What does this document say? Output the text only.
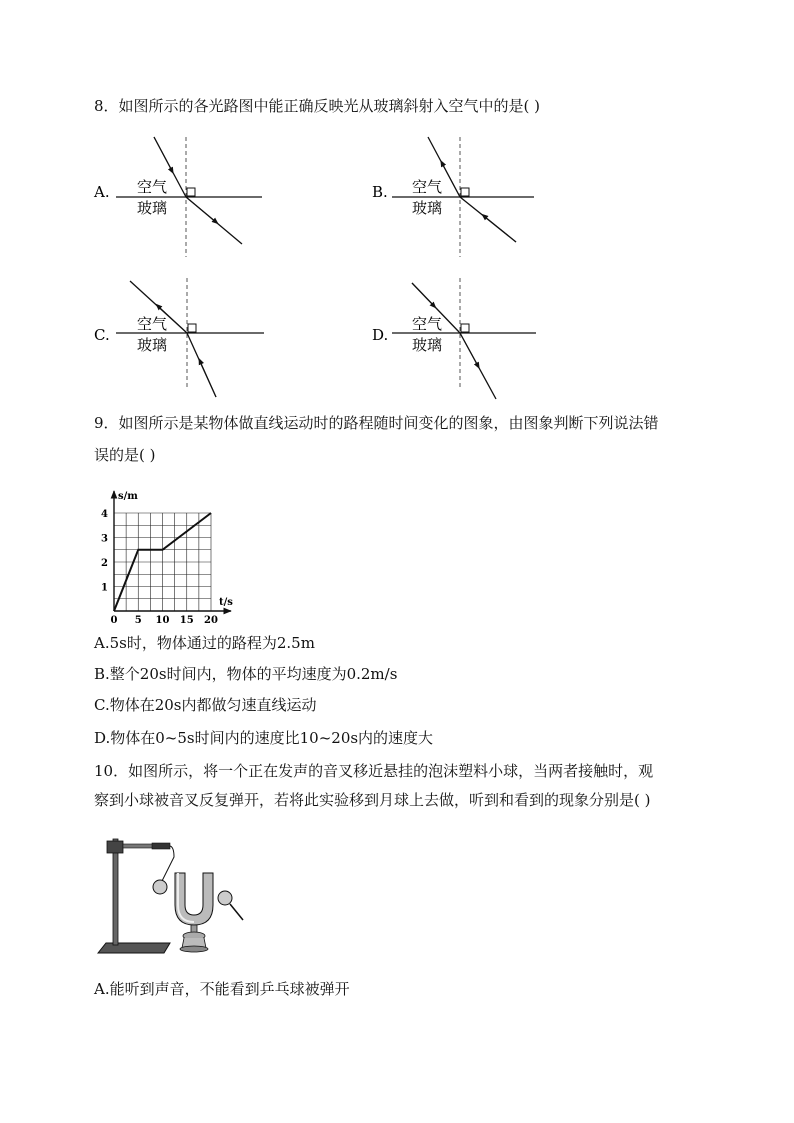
8．如图所示的各光路图中能正确反映光从玻璃斜射入空气中的是( )

A. 空气
玻璃
B. 空气
玻璃
C.
空气
玻璃
D.
空气
玻璃

9．如图所示是某物体做直线运动时的路程随时间变化的图象，由图象判断下列说法错

误的是( )

0 5 10 15 20
1
2
3
4
t/s
s/m

A.5s时，物体通过的路程为2.5m

B.整个20s时间内，物体的平均速度为0.2m/s

C.物体在20s内都做匀速直线运动

D.物体在0~5s时间内的速度比10~20s内的速度大

10．如图所示，将一个正在发声的音叉移近悬挂的泡沫塑料小球，当两者接触时，观

察到小球被音叉反复弹开，若将此实验移到月球上去做，听到和看到的现象分别是( )

A.能听到声音，不能看到乒乓球被弹开
